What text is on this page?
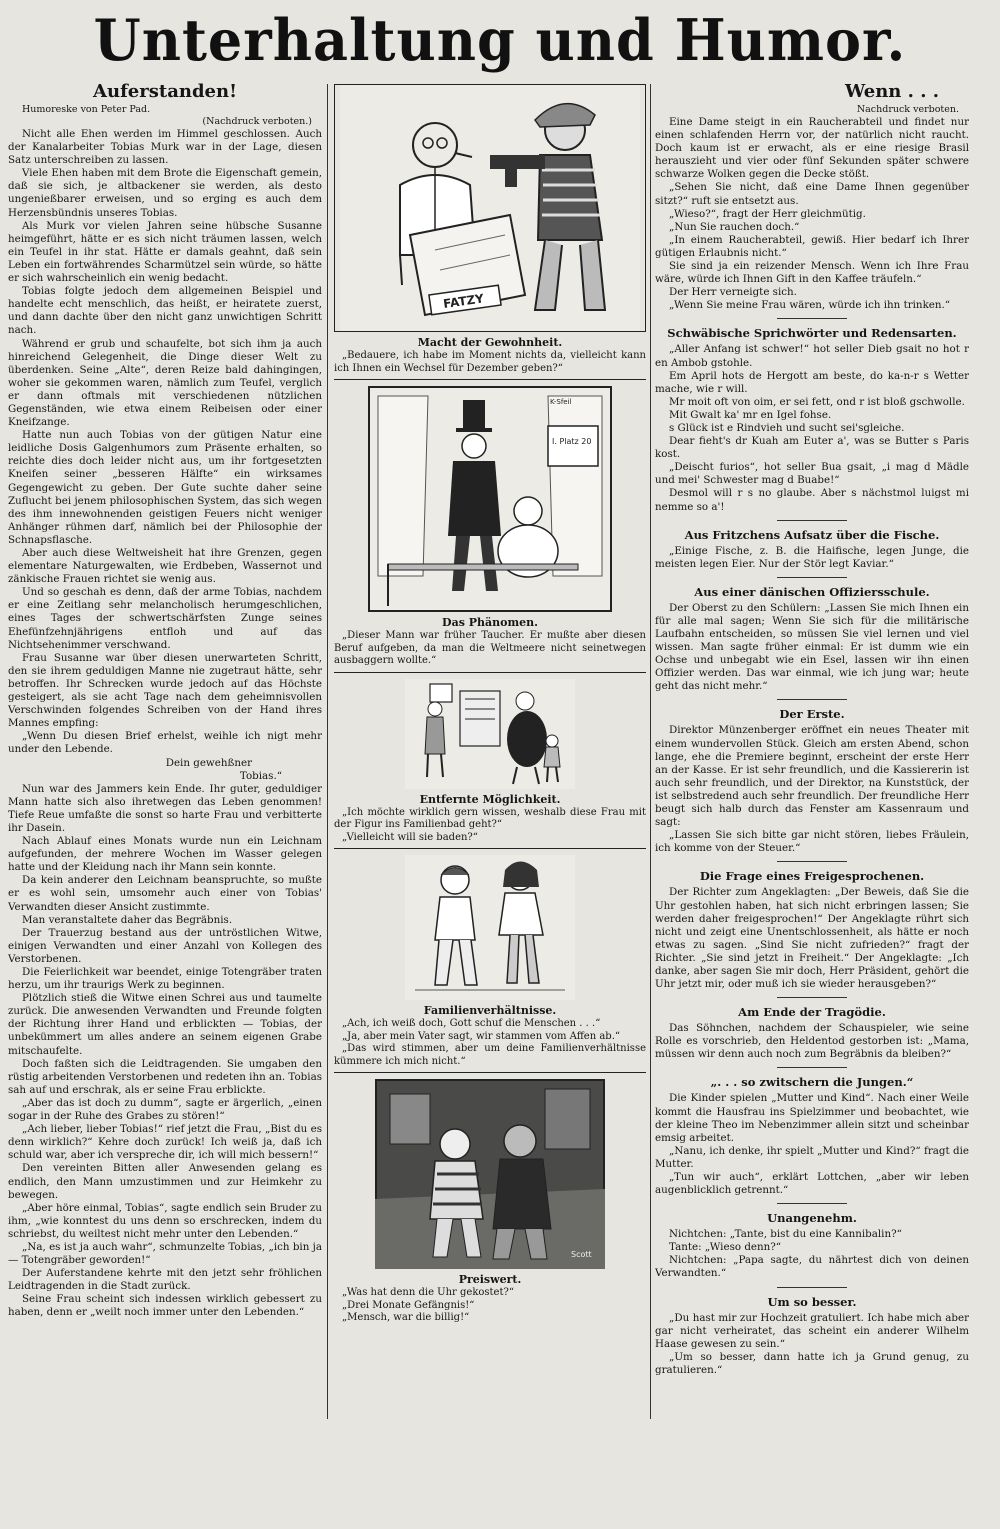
Unterhaltung und Humor.
Auferstanden!

Humoreske von Peter Pad.

(Nachdruck verboten.)

Nicht alle Ehen werden im Himmel geschlossen. Auch der Kanalarbeiter Tobias Murk war in der Lage, diesen Satz unterschreiben zu lassen.

Viele Ehen haben mit dem Brote die Eigenschaft gemein, daß sie sich, je altbackener sie werden, als desto ungenießbarer erweisen, und so erging es auch dem Herzensbündnis unseres Tobias.

Als Murk vor vielen Jahren seine hübsche Susanne heimgeführt, hätte er es sich nicht träumen lassen, welch ein Teufel in ihr stat. Hätte er damals geahnt, daß sein Leben ein fortwährendes Scharmützel sein würde, so hätte er sich wahrscheinlich ein wenig bedacht.

Tobias folgte jedoch dem allgemeinen Beispiel und handelte echt menschlich, das heißt, er heiratete zuerst, und dann dachte über den nicht ganz unwichtigen Schritt nach.

Während er grub und schaufelte, bot sich ihm ja auch hinreichend Gelegenheit, die Dinge dieser Welt zu überdenken. Seine „Alte“, deren Reize bald dahingingen, woher sie gekommen waren, nämlich zum Teufel, verglich er dann oftmals mit verschiedenen nützlichen Gegenständen, wie etwa einem Reibeisen oder einer Kneifzange.

Hatte nun auch Tobias von der gütigen Natur eine leidliche Dosis Galgenhumors zum Präsente erhalten, so reichte dies doch leider nicht aus, um ihr fortgesetzten Kneifen seiner „besseren Hälfte“ ein wirksames Gegengewicht zu geben. Der Gute suchte daher seine Zuflucht bei jenem philosophischen System, das sich wegen des ihm innewohnenden geistigen Feuers nicht weniger Anhänger rühmen darf, nämlich bei der Philosophie der Schnapsflasche.

Aber auch diese Weltweisheit hat ihre Grenzen, gegen elementare Naturgewalten, wie Erdbeben, Wassernot und zänkische Frauen richtet sie wenig aus.

Und so geschah es denn, daß der arme Tobias, nachdem er eine Zeitlang sehr melancholisch herumgeschlichen, eines Tages der schwertschärfsten Zunge seines Ehefünfzehnjährigens entfloh und auf das Nichtsehenimmer verschwand.

Frau Susanne war über diesen unerwarteten Schritt, den sie ihrem geduldigen Manne nie zugetraut hätte, sehr betroffen. Ihr Schrecken wurde jedoch auf das Höchste gesteigert, als sie acht Tage nach dem geheimnisvollen Verschwinden folgendes Schreiben von der Hand ihres Mannes empfing:

„Wenn Du diesen Brief erhelst, weihle ich nigt mehr under den Lebende.

Dein gewehßner

Tobias.“

Nun war des Jammers kein Ende. Ihr guter, geduldiger Mann hatte sich also ihretwegen das Leben genommen! Tiefe Reue umfaßte die sonst so harte Frau und verbitterte ihr Dasein.

Nach Ablauf eines Monats wurde nun ein Leichnam aufgefunden, der mehrere Wochen im Wasser gelegen hatte und der Kleidung nach ihr Mann sein konnte.

Da kein anderer den Leichnam beanspruchte, so mußte er es wohl sein, umsomehr auch einer von Tobias' Verwandten dieser Ansicht zustimmte.

Man veranstaltete daher das Begräbnis.

Der Trauerzug bestand aus der untröstlichen Witwe, einigen Verwandten und einer Anzahl von Kollegen des Verstorbenen.

Die Feierlichkeit war beendet, einige Totengräber traten herzu, um ihr traurigs Werk zu beginnen.

Plötzlich stieß die Witwe einen Schrei aus und taumelte zurück. Die anwesenden Verwandten und Freunde folgten der Richtung ihrer Hand und erblickten — Tobias, der unbekümmert um alles andere an seinem eigenen Grabe mitschaufelte.

Doch faßten sich die Leidtragenden. Sie umgaben den rüstig arbeitenden Verstorbenen und redeten ihn an. Tobias sah auf und erschrak, als er seine Frau erblickte.

„Aber das ist doch zu dumm“, sagte er ärgerlich, „einen sogar in der Ruhe des Grabes zu stören!“

„Ach lieber, lieber Tobias!“ rief jetzt die Frau, „Bist du es denn wirklich?“ Kehre doch zurück! Ich weiß ja, daß ich schuld war, aber ich verspreche dir, ich will mich bessern!“

Den vereinten Bitten aller Anwesenden gelang es endlich, den Mann umzustimmen und zur Heimkehr zu bewegen.

„Aber höre einmal, Tobias“, sagte endlich sein Bruder zu ihm, „wie konntest du uns denn so erschrecken, indem du schriebst, du weiltest nicht mehr unter den Lebenden.“

„Na, es ist ja auch wahr“, schmunzelte Tobias, „ich bin ja — Totengräber geworden!“

Der Auferstandene kehrte mit den jetzt sehr fröhlichen Leidtragenden in die Stadt zurück.

Seine Frau scheint sich indessen wirklich gebessert zu haben, denn er „weilt noch immer unter den Lebenden.“

FATZY
Macht der Gewohnheit.

„Bedauere, ich habe im Moment nichts da, vielleicht kann ich Ihnen ein Wechsel für Dezember geben?“

I. Platz 20
K-Sfeil
Das Phänomen.

„Dieser Mann war früher Taucher. Er mußte aber diesen Beruf aufgeben, da man die Weltmeere nicht seinetwegen ausbaggern wollte.“

Entfernte Möglichkeit.

„Ich möchte wirklich gern wissen, weshalb diese Frau mit der Figur ins Familienbad geht?“

„Vielleicht will sie baden?“

Familienverhältnisse.

„Ach, ich weiß doch, Gott schuf die Menschen . . .“

„Ja, aber mein Vater sagt, wir stammen vom Affen ab.“

„Das wird stimmen, aber um deine Familienverhältnisse kümmere ich mich nicht.“

Scott
Preiswert.

„Was hat denn die Uhr gekostet?“

„Drei Monate Gefängnis!“

„Mensch, war die billig!“

Wenn . . .

Nachdruck verboten.

Eine Dame steigt in ein Raucherabteil und findet nur einen schlafenden Herrn vor, der natürlich nicht raucht. Doch kaum ist er erwacht, als er eine riesige Brasil herauszieht und vier oder fünf Sekunden später schwere schwarze Wolken gegen die Decke stößt.

„Sehen Sie nicht, daß eine Dame Ihnen gegenüber sitzt?“ ruft sie entsetzt aus.

„Wieso?“, fragt der Herr gleichmütig.

„Nun Sie rauchen doch.“

„In einem Raucherabteil, gewiß. Hier bedarf ich Ihrer gütigen Erlaubnis nicht.“

Sie sind ja ein reizender Mensch. Wenn ich Ihre Frau wäre, würde ich Ihnen Gift in den Kaffee träufeln.“

Der Herr verneigte sich.

„Wenn Sie meine Frau wären, würde ich ihn trinken.“

Schwäbische Sprichwörter und Redensarten.

„Aller Anfang ist schwer!“ hot seller Dieb gsait no hot r en Ambob gstohle.

Em April hots de Hergott am beste, do ka-n-r s Wetter mache, wie r will.

Mr moit oft von oim, er sei fett, ond r ist bloß gschwolle.

Mit Gwalt ka' mr en Igel fohse.

s Glück ist e Rindvieh und sucht sei'sgleiche.

Dear fieht's dr Kuah am Euter a', was se Butter s Paris kost.

„Deischt furios“, hot seller Bua gsait, „i mag d Mädle und mei' Schwester mag d Buabe!“

Desmol will r s no glaube. Aber s nächstmol luigst mi nemme so a'!

Aus Fritzchens Aufsatz über die Fische.

„Einige Fische, z. B. die Haifische, legen Junge, die meisten legen Eier. Nur der Stör legt Kaviar.“

Aus einer dänischen Offiziersschule.

Der Oberst zu den Schülern: „Lassen Sie mich Ihnen ein für alle mal sagen; Wenn Sie sich für die militärische Laufbahn entscheiden, so müssen Sie viel lernen und viel wissen. Man sagte früher einmal: Er ist dumm wie ein Ochse und unbegabt wie ein Esel, lassen wir ihn einen Offizier werden. Das war einmal, wie ich jung war; heute geht das nicht mehr.“

Der Erste.

Direktor Münzenberger eröffnet ein neues Theater mit einem wundervollen Stück. Gleich am ersten Abend, schon lange, ehe die Premiere beginnt, erscheint der erste Herr an der Kasse. Er ist sehr freundlich, und die Kassiererin ist auch sehr freundlich, und der Direktor, na Kunststück, der ist selbstredend auch sehr freundlich. Der freundliche Herr beugt sich halb durch das Fenster am Kassenraum und sagt:

„Lassen Sie sich bitte gar nicht stören, liebes Fräulein, ich komme von der Steuer.“

Die Frage eines Freigesprochenen.

Der Richter zum Angeklagten: „Der Beweis, daß Sie die Uhr gestohlen haben, hat sich nicht erbringen lassen; Sie werden daher freigesprochen!“ Der Angeklagte rührt sich nicht und zeigt eine Unentschlossenheit, als hätte er noch etwas zu sagen. „Sind Sie nicht zufrieden?“ fragt der Richter. „Sie sind jetzt in Freiheit.“ Der Angeklagte: „Ich danke, aber sagen Sie mir doch, Herr Präsident, gehört die Uhr jetzt mir, oder muß ich sie wieder herausgeben?“

Am Ende der Tragödie.

Das Söhnchen, nachdem der Schauspieler, wie seine Rolle es vorschrieb, den Heldentod gestorben ist: „Mama, müssen wir denn auch noch zum Begräbnis da bleiben?“

„. . . so zwitschern die Jungen.“

Die Kinder spielen „Mutter und Kind“. Nach einer Weile kommt die Hausfrau ins Spielzimmer und beobachtet, wie der kleine Theo im Nebenzimmer allein sitzt und scheinbar emsig arbeitet.

„Nanu, ich denke, ihr spielt „Mutter und Kind?“ fragt die Mutter.

„Tun wir auch“, erklärt Lottchen, „aber wir leben augenblicklich getrennt.“

Unangenehm.

Nichtchen: „Tante, bist du eine Kannibalin?“

Tante: „Wieso denn?“

Nichtchen: „Papa sagte, du nährtest dich von deinen Verwandten.“

Um so besser.

„Du hast mir zur Hochzeit gratuliert. Ich habe mich aber gar nicht verheiratet, das scheint ein anderer Wilhelm Haase gewesen zu sein.“

„Um so besser, dann hatte ich ja Grund genug, zu gratulieren.“
